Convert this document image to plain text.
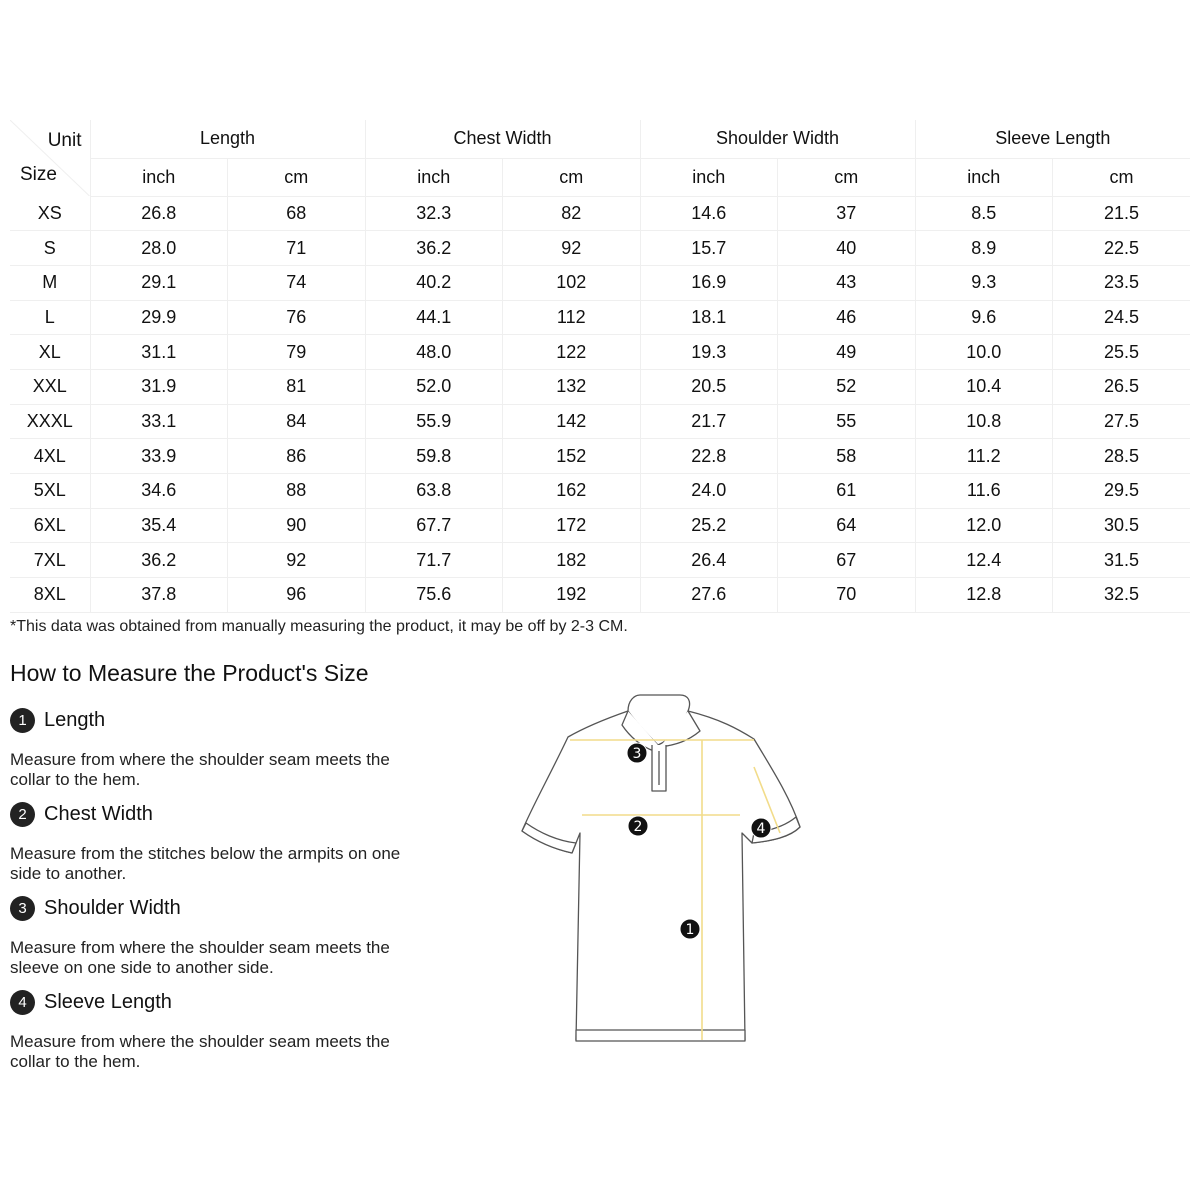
Unit
Size	Length		Chest Width		Shoulder Width		Sleeve Length	
	inch	cm	inch	cm	inch	cm	inch	cm
XS	26.8	68	32.3	82	14.6	37	8.5	21.5
S	28.0	71	36.2	92	15.7	40	8.9	22.5
M	29.1	74	40.2	102	16.9	43	9.3	23.5
L	29.9	76	44.1	112	18.1	46	9.6	24.5
XL	31.1	79	48.0	122	19.3	49	10.0	25.5
XXL	31.9	81	52.0	132	20.5	52	10.4	26.5
XXXL	33.1	84	55.9	142	21.7	55	10.8	27.5
4XL	33.9	86	59.8	152	22.8	58	11.2	28.5
5XL	34.6	88	63.8	162	24.0	61	11.6	29.5
6XL	35.4	90	67.7	172	25.2	64	12.0	30.5
7XL	36.2	92	71.7	182	26.4	67	12.4	31.5
8XL	37.8	96	75.6	192	27.6	70	12.8	32.5
*This data was obtained from manually measuring the product, it may be off by 2-3 CM.
How to Measure the Product's Size
1 Length
Measure from where the shoulder seam meets the collar to the hem.
2 Chest Width
Measure from the stitches below the armpits on one side to another.
3 Shoulder Width
Measure from where the shoulder seam meets the sleeve on one side to another side.
4 Sleeve Length
Measure from where the shoulder seam meets the collar to the hem.
1
2
3
4
